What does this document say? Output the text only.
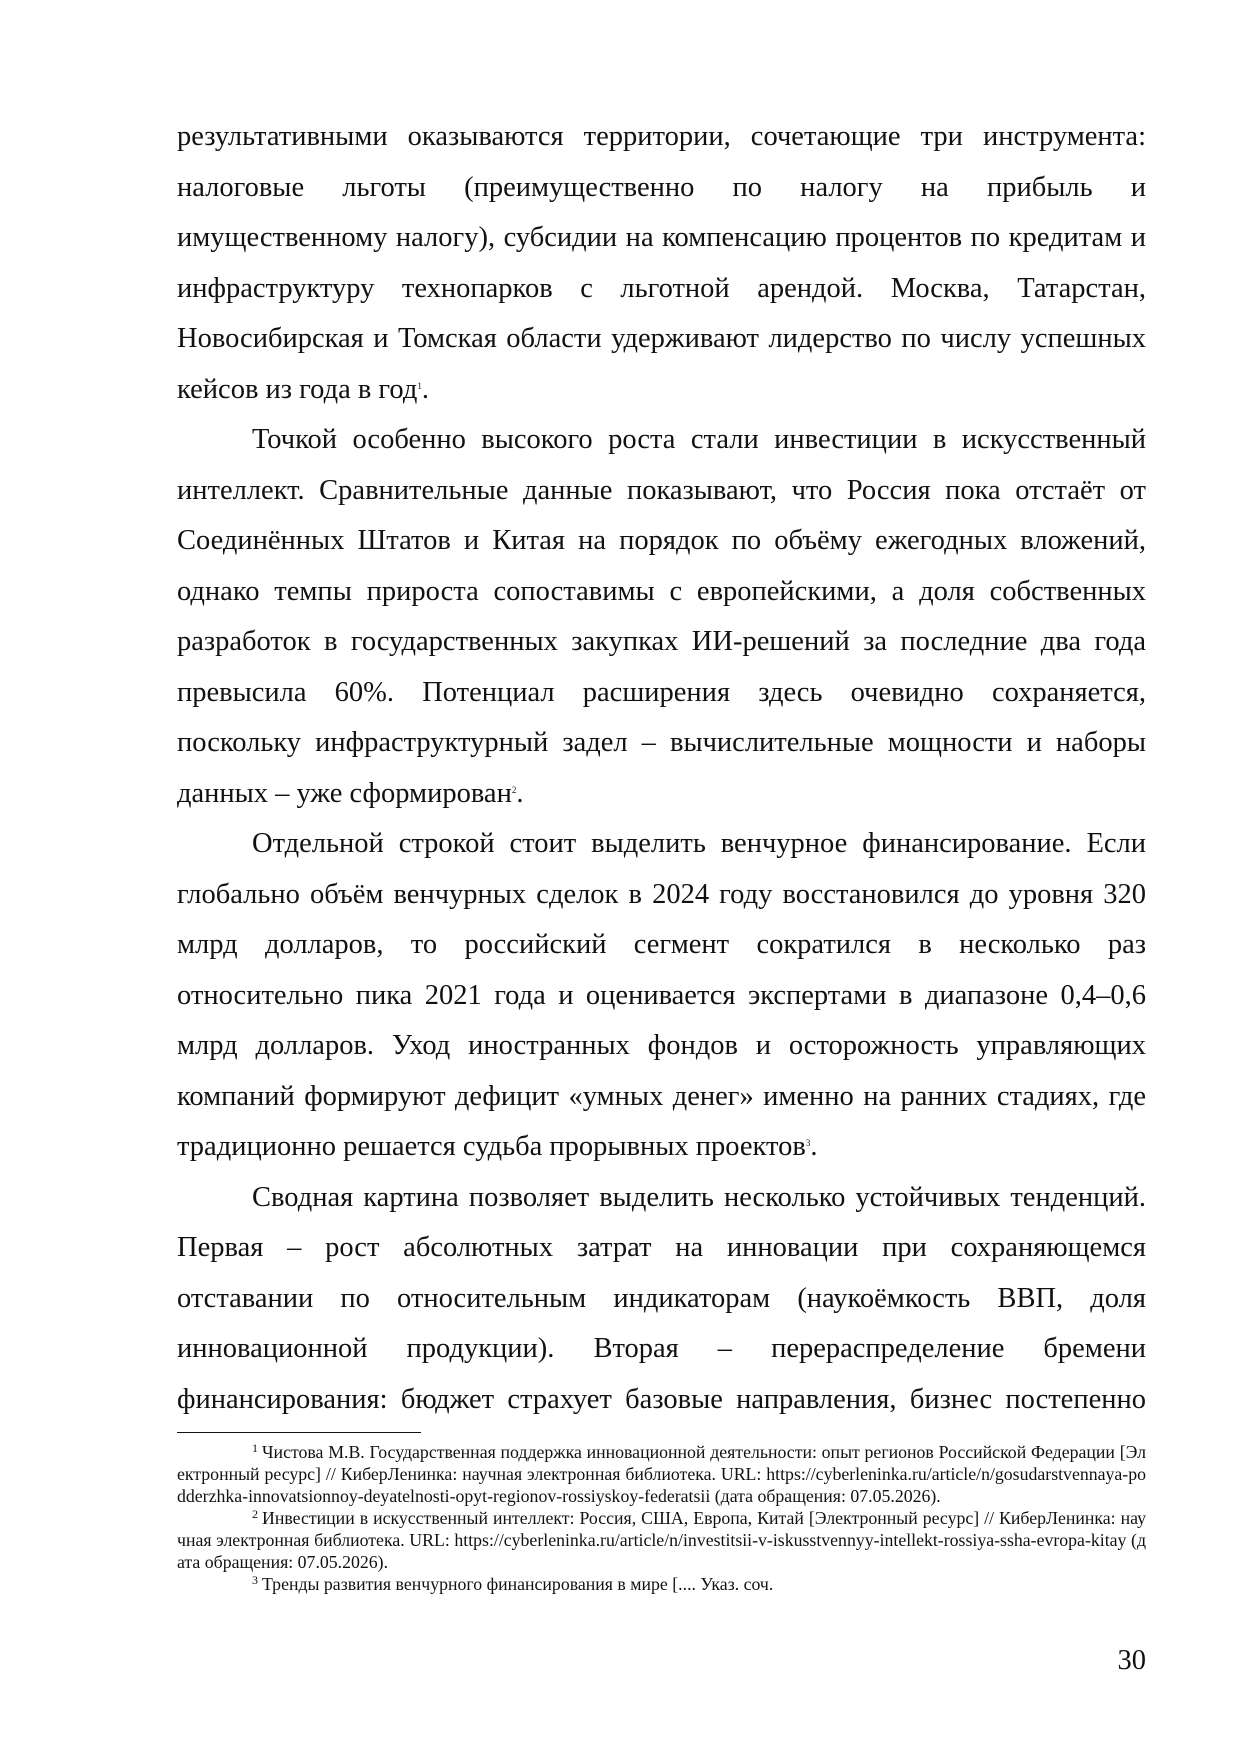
результативными оказываются территории, сочетающие три инструмента: налоговые льготы (преимущественно по налогу на прибыль и имущественному налогу), субсидии на компенсацию процентов по кредитам и инфраструктуру технопарков с льготной арендой. Москва, Татарстан, Новосибирская и Томская области удерживают лидерство по числу успешных кейсов из года в год$^1$.

Точкой особенно высокого роста стали инвестиции в искусственный интеллект. Сравнительные данные показывают, что Россия пока отстаёт от Соединённых Штатов и Китая на порядок по объёму ежегодных вложений, однако темпы прироста сопоставимы с европейскими, а доля собственных разработок в государственных закупках ИИ-решений за последние два года превысила 60%. Потенциал расширения здесь очевидно сохраняется, поскольку инфраструктурный задел – вычислительные мощности и наборы данных – уже сформирован$^2$.

Отдельной строкой стоит выделить венчурное финансирование. Если глобально объём венчурных сделок в 2024 году восстановился до уровня 320 млрд долларов, то российский сегмент сократился в несколько раз относительно пика 2021 года и оценивается экспертами в диапазоне 0,4–0,6 млрд долларов. Уход иностранных фондов и осторожность управляющих компаний формируют дефицит «умных денег» именно на ранних стадиях, где традиционно решается судьба прорывных проектов$^3$.

Сводная картина позволяет выделить несколько устойчивых тенденций. Первая – рост абсолютных затрат на инновации при сохраняющемся отставании по относительным индикаторам (наукоёмкость ВВП, доля инновационной продукции). Вторая – перераспределение бремени финансирования: бюджет страхует базовые направления, бизнес постепенно

$^1$ Чистова М.В. Государственная поддержка инновационной деятельности: опыт регионов Российской Федерации [Электронный ресурс] // КиберЛенинка: научная электронная библиотека. URL: https://cyberleninka.ru/article/n/gosudarstvennaya-podderzhka-innovatsionnoy-deyatelnosti-opyt-regionov-rossiyskoy-federatsii (дата обращения: 07.05.2026).

$^2$ Инвестиции в искусственный интеллект: Россия, США, Европа, Китай [Электронный ресурс] // КиберЛенинка: научная электронная библиотека. URL: https://cyberleninka.ru/article/n/investitsii-v-iskusstvennyy-intellekt-rossiya-ssha-evropa-kitay (дата обращения: 07.05.2026).

$^3$ Тренды развития венчурного финансирования в мире [.... Указ. соч.

30
